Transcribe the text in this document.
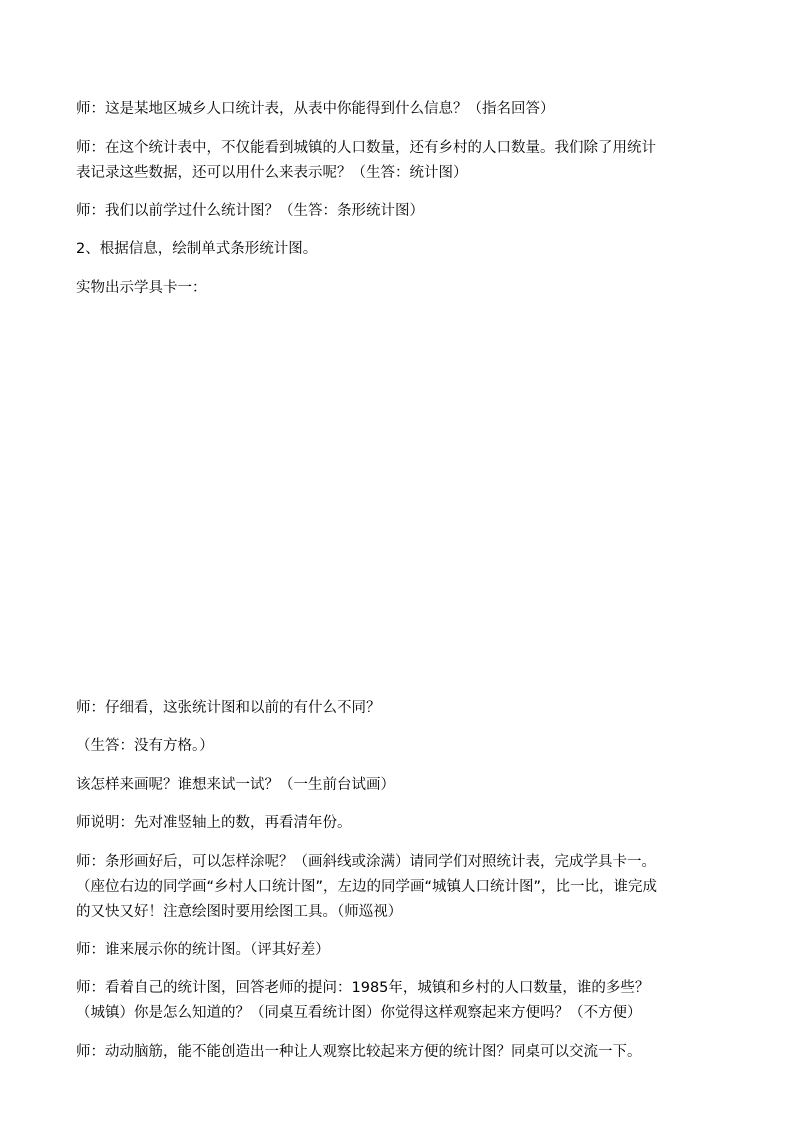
师：这是某地区城乡人口统计表，从表中你能得到什么信息？（指名回答）

师：在这个统计表中，不仅能看到城镇的人口数量，还有乡村的人口数量。我们除了用统计
表记录这些数据，还可以用什么来表示呢？（生答：统计图）

师：我们以前学过什么统计图？（生答：条形统计图）

2、根据信息，绘制单式条形统计图。

实物出示学具卡一：

师：仔细看，这张统计图和以前的有什么不同？

（生答：没有方格。）

该怎样来画呢？谁想来试一试？（一生前台试画）

师说明：先对准竖轴上的数，再看清年份。

师：条形画好后，可以怎样涂呢？（画斜线或涂满）请同学们对照统计表，完成学具卡一。
（座位右边的同学画“乡村人口统计图”，左边的同学画“城镇人口统计图”，比一比，谁完成
的又快又好！注意绘图时要用绘图工具。（师巡视）

师：谁来展示你的统计图。（评其好差）

师：看着自己的统计图，回答老师的提问：1985年，城镇和乡村的人口数量，谁的多些？
（城镇）你是怎么知道的？（同桌互看统计图）你觉得这样观察起来方便吗？（不方便）

师：动动脑筋，能不能创造出一种让人观察比较起来方便的统计图？同桌可以交流一下。
